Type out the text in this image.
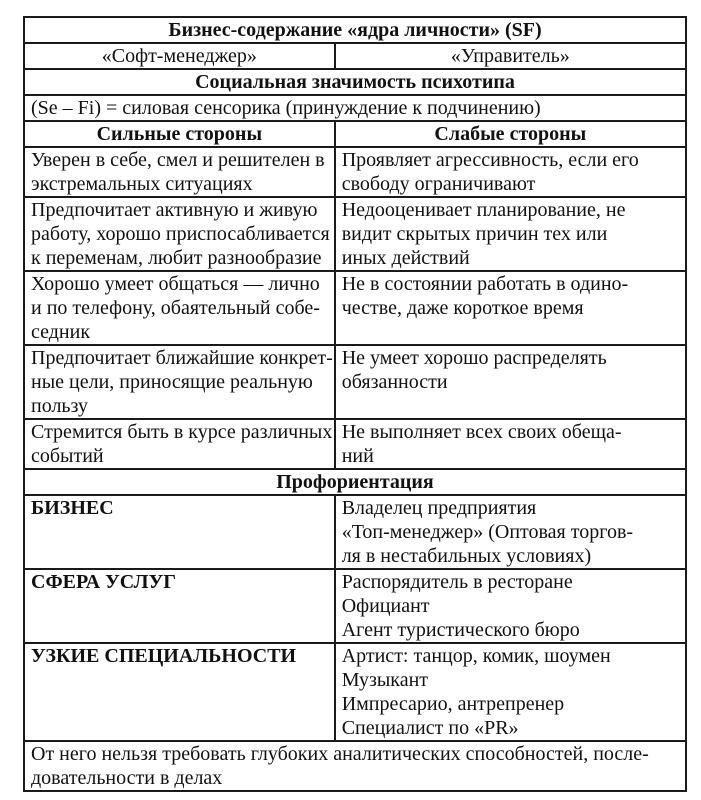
Бизнес-содержание «ядра личности» (SF)	
«Софт-менеджер»	«Управитель»
Социальная значимость психотипа	
(Se – Fi) = силовая сенсорика (принуждение к подчинению)	
Сильные стороны	Слабые стороны

Уверен в себе, смел и решителен в
экстремальных ситуациях	Проявляет агрессивность, если его
свободу ограничивают

Предпочитает активную и живую
работу, хорошо приспосабливается
к переменам, любит разнообразие	Недооценивает планирование, не
видит скрытых причин тех или
иных действий

Хорошо умеет общаться — лично
и по телефону, обаятельный собе-
седник	Не в состоянии работать в одино-
честве, даже короткое время

Предпочитает ближайшие конкрет-
ные цели, приносящие реальную
пользу	Не умеет хорошо распределять
обязанности

Стремится быть в курсе различных
событий	Не выполняет всех своих обеща-
ний

Профориентация	
БИЗНЕС	Владелец предприятия
«Топ-менеджер» (Оптовая торгов-
ля в нестабильных условиях)

СФЕРА УСЛУГ	Распорядитель в ресторане
Официант
Агент туристического бюро

УЗКИЕ СПЕЦИАЛЬНОСТИ	Артист: танцор, комик, шоумен
Музыкант
Импресарио, антрепренер
Специалист по «PR»

От него нельзя требовать глубоких аналитических способностей, после-
довательности в делах	
